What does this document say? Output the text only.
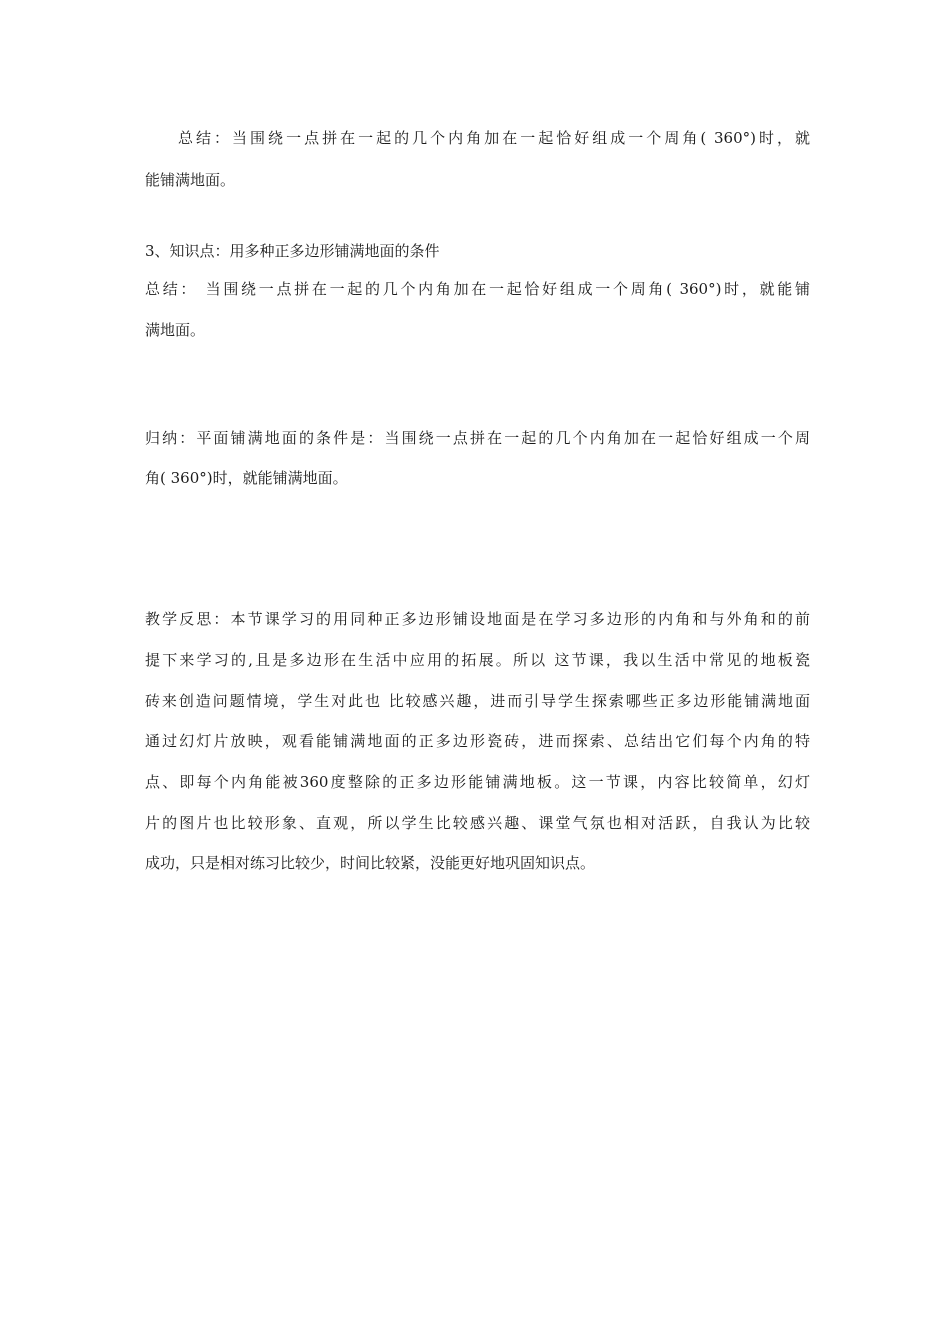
总结：当围绕一点拼在一起的几个内角加在一起恰好组成一个周角( 360°)时，就
能铺满地面。
3、知识点：用多种正多边形铺满地面的条件
总结： 当围绕一点拼在一起的几个内角加在一起恰好组成一个周角( 360°)时，就能铺
满地面。
归纳：平面铺满地面的条件是：当围绕一点拼在一起的几个内角加在一起恰好组成一个周
角( 360°)时，就能铺满地面。
教学反思：本节课学习的用同种正多边形铺设地面是在学习多边形的内角和与外角和的前
提下来学习的,且是多边形在生活中应用的拓展。所以 这节课，我以生活中常见的地板瓷
砖来创造问题情境，学生对此也 比较感兴趣，进而引导学生探索哪些正多边形能铺满地面
通过幻灯片放映，观看能铺满地面的正多边形瓷砖，进而探索、总结出它们每个内角的特
点、即每个内角能被360度整除的正多边形能铺满地板。这一节课，内容比较简单，幻灯
片的图片也比较形象、直观，所以学生比较感兴趣、课堂气氛也相对活跃，自我认为比较
成功，只是相对练习比较少，时间比较紧，没能更好地巩固知识点。
